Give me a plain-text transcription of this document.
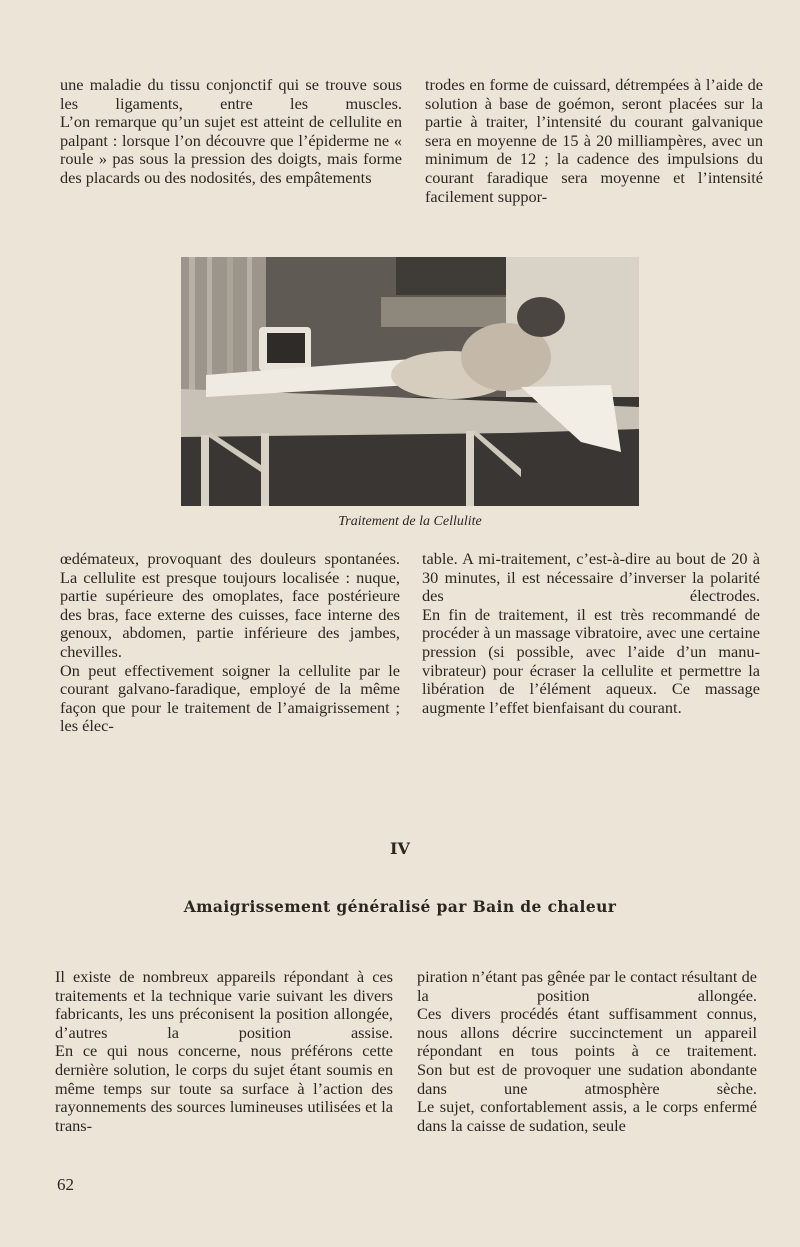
une maladie du tissu conjonctif qui se trouve sous les ligaments, entre les muscles.

L’on remarque qu’un sujet est atteint de cellulite en palpant : lorsque l’on découvre que l’épiderme ne « roule » pas sous la pression des doigts, mais forme des placards ou des nodosités, des empâtements

trodes en forme de cuissard, détrempées à l’aide de solution à base de goémon, seront placées sur la partie à traiter, l’intensité du courant galvanique sera en moyenne de 15 à 20 milliampères, avec un minimum de 12 ; la cadence des impulsions du courant faradique sera moyenne et l’intensité facilement suppor-

Traitement de la Cellulite

œdémateux, provoquant des douleurs spontanées.

La cellulite est presque toujours localisée : nuque, partie supérieure des omoplates, face postérieure des bras, face externe des cuisses, face interne des genoux, abdomen, partie inférieure des jambes, chevilles.

On peut effectivement soigner la cellulite par le courant galvano-faradique, employé de la même façon que pour le traitement de l’amaigrissement ; les élec-

table. A mi-traitement, c’est-à-dire au bout de 20 à 30 minutes, il est nécessaire d’inverser la polarité des électrodes.

En fin de traitement, il est très recommandé de procéder à un massage vibratoire, avec une certaine pression (si possible, avec l’aide d’un manu-vibrateur) pour écraser la cellulite et permettre la libération de l’élément aqueux. Ce massage augmente l’effet bienfaisant du courant.

IV
Amaigrissement généralisé par Bain de chaleur

Il existe de nombreux appareils répondant à ces traitements et la technique varie suivant les divers fabricants, les uns préconisent la position allongée, d’autres la position assise.

En ce qui nous concerne, nous préférons cette dernière solution, le corps du sujet étant soumis en même temps sur toute sa surface à l’action des rayonnements des sources lumineuses utilisées et la trans-

piration n’étant pas gênée par le contact résultant de la position allongée.

Ces divers procédés étant suffisamment connus, nous allons décrire succinctement un appareil répondant en tous points à ce traitement.

Son but est de provoquer une sudation abondante dans une atmosphère sèche.

Le sujet, confortablement assis, a le corps enfermé dans la caisse de sudation, seule

62
